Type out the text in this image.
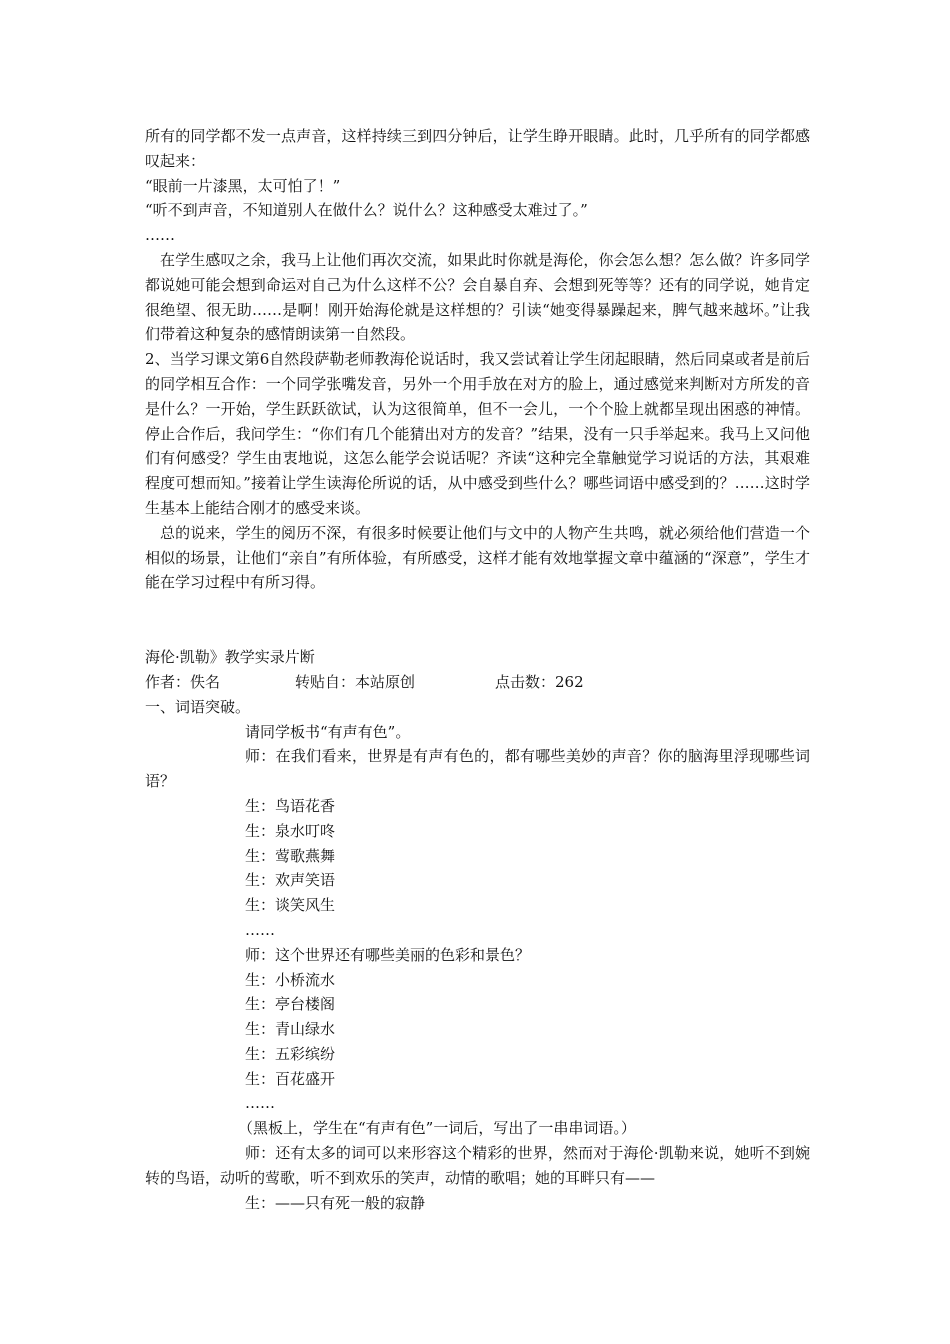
所有的同学都不发一点声音，这样持续三到四分钟后，让学生睁开眼睛。此时，几乎所有的同学都感叹起来：
“眼前一片漆黑，太可怕了！”
“听不到声音，不知道别人在做什么？说什么？这种感受太难过了。”
……
在学生感叹之余，我马上让他们再次交流，如果此时你就是海伦，你会怎么想？怎么做？许多同学都说她可能会想到命运对自己为什么这样不公？会自暴自弃、会想到死等等？还有的同学说，她肯定很绝望、很无助……是啊！刚开始海伦就是这样想的？引读“她变得暴躁起来，脾气越来越坏。”让我们带着这种复杂的感情朗读第一自然段。
2、当学习课文第6自然段萨勒老师教海伦说话时，我又尝试着让学生闭起眼睛，然后同桌或者是前后的同学相互合作：一个同学张嘴发音，另外一个用手放在对方的脸上，通过感觉来判断对方所发的音是什么？一开始，学生跃跃欲试，认为这很简单，但不一会儿，一个个脸上就都呈现出困惑的神情。停止合作后，我问学生：“你们有几个能猜出对方的发音？”结果，没有一只手举起来。我马上又问他们有何感受？学生由衷地说，这怎么能学会说话呢？齐读“这种完全靠触觉学习说话的方法，其艰难程度可想而知。”接着让学生读海伦所说的话，从中感受到些什么？哪些词语中感受到的？……这时学生基本上能结合刚才的感受来谈。
总的说来，学生的阅历不深，有很多时候要让他们与文中的人物产生共鸣，就必须给他们营造一个相似的场景，让他们“亲自”有所体验，有所感受，这样才能有效地掌握文章中蕴涵的“深意”，学生才能在学习过程中有所习得。
海伦·凯勒》教学实录片断
作者：佚名	转贴自：本站原创	点击数：262
一、词语突破。
请同学板书“有声有色”。
师：在我们看来，世界是有声有色的，都有哪些美妙的声音？你的脑海里浮现哪些词语？
生：鸟语花香
生：泉水叮咚
生：莺歌燕舞
生：欢声笑语
生：谈笑风生
……
师：这个世界还有哪些美丽的色彩和景色？
生：小桥流水
生：亭台楼阁
生：青山绿水
生：五彩缤纷
生：百花盛开
……
（黑板上，学生在“有声有色”一词后，写出了一串串词语。）
师：还有太多的词可以来形容这个精彩的世界，然而对于海伦·凯勒来说，她听不到婉转的鸟语，动听的莺歌，听不到欢乐的笑声，动情的歌唱；她的耳畔只有——
生：——只有死一般的寂静
